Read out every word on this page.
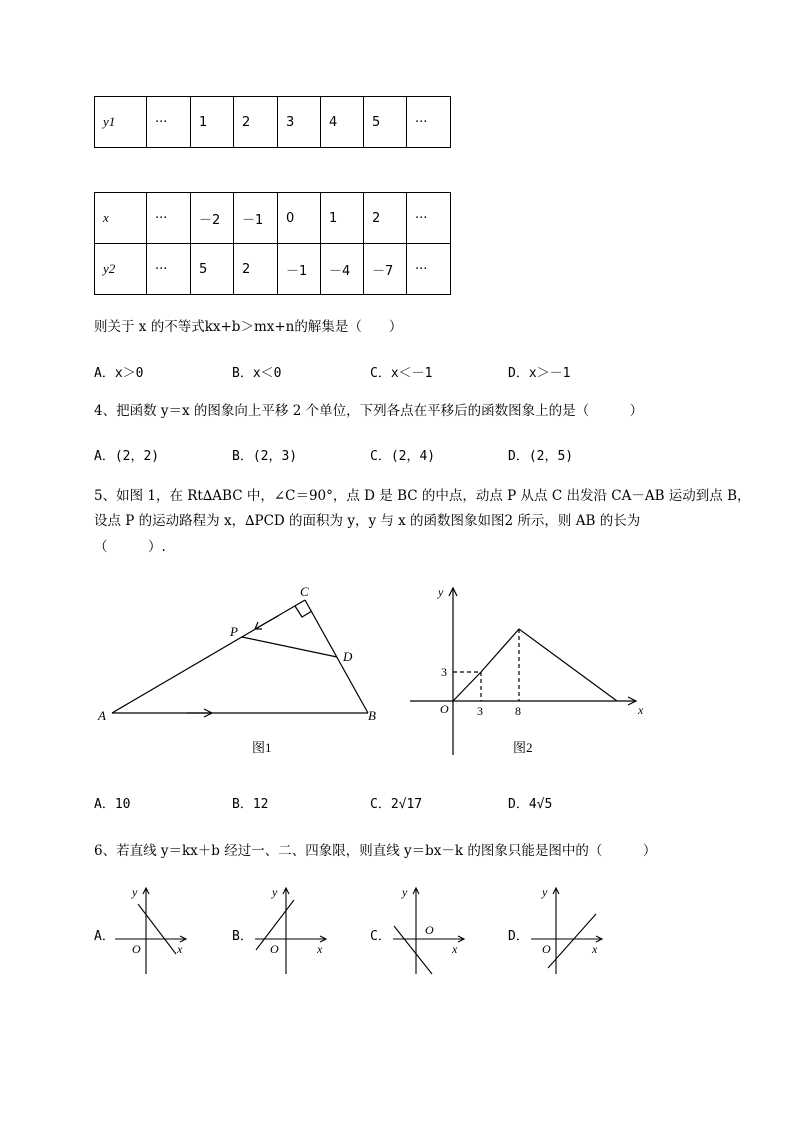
y1	···	1	2	3	4	5	···
x	···	－2	－1	0	1	2	···
y2	···	5	2	－1	－4	－7	···
则关于 x 的不等式kx+b＞mx+n的解集是（　　）
A．x＞0	B．x＜0	C．x＜－1	D．x＞－1
4、把函数 y＝x 的图象向上平移 2 个单位，下列各点在平移后的函数图象上的是（　　　）
A．(2，2)	B．(2，3)	C．(2，4)	D．(2，5)
5、如图 1，在 Rt∆ABC 中，∠C＝90°，点 D 是 BC 的中点，动点 P 从点 C 出发沿 CA－AB 运动到点 B，
设点 P 的运动路程为 x，∆PCD 的面积为 y，y 与 x 的函数图象如图2 所示，则 AB 的长为
（　　　）.
C
P
D
A	B
图1
y
3
O 3	8	x
图2
A．10	B．12	C．2√17	D．4√5
6、若直线 y＝kx＋b 经过一、二、四象限，则直线 y＝bx－k 的图象只能是图中的（　　　）
A．
y
O	x
B．
y
O	x
C．
y
O
x
D．
y
O	x
